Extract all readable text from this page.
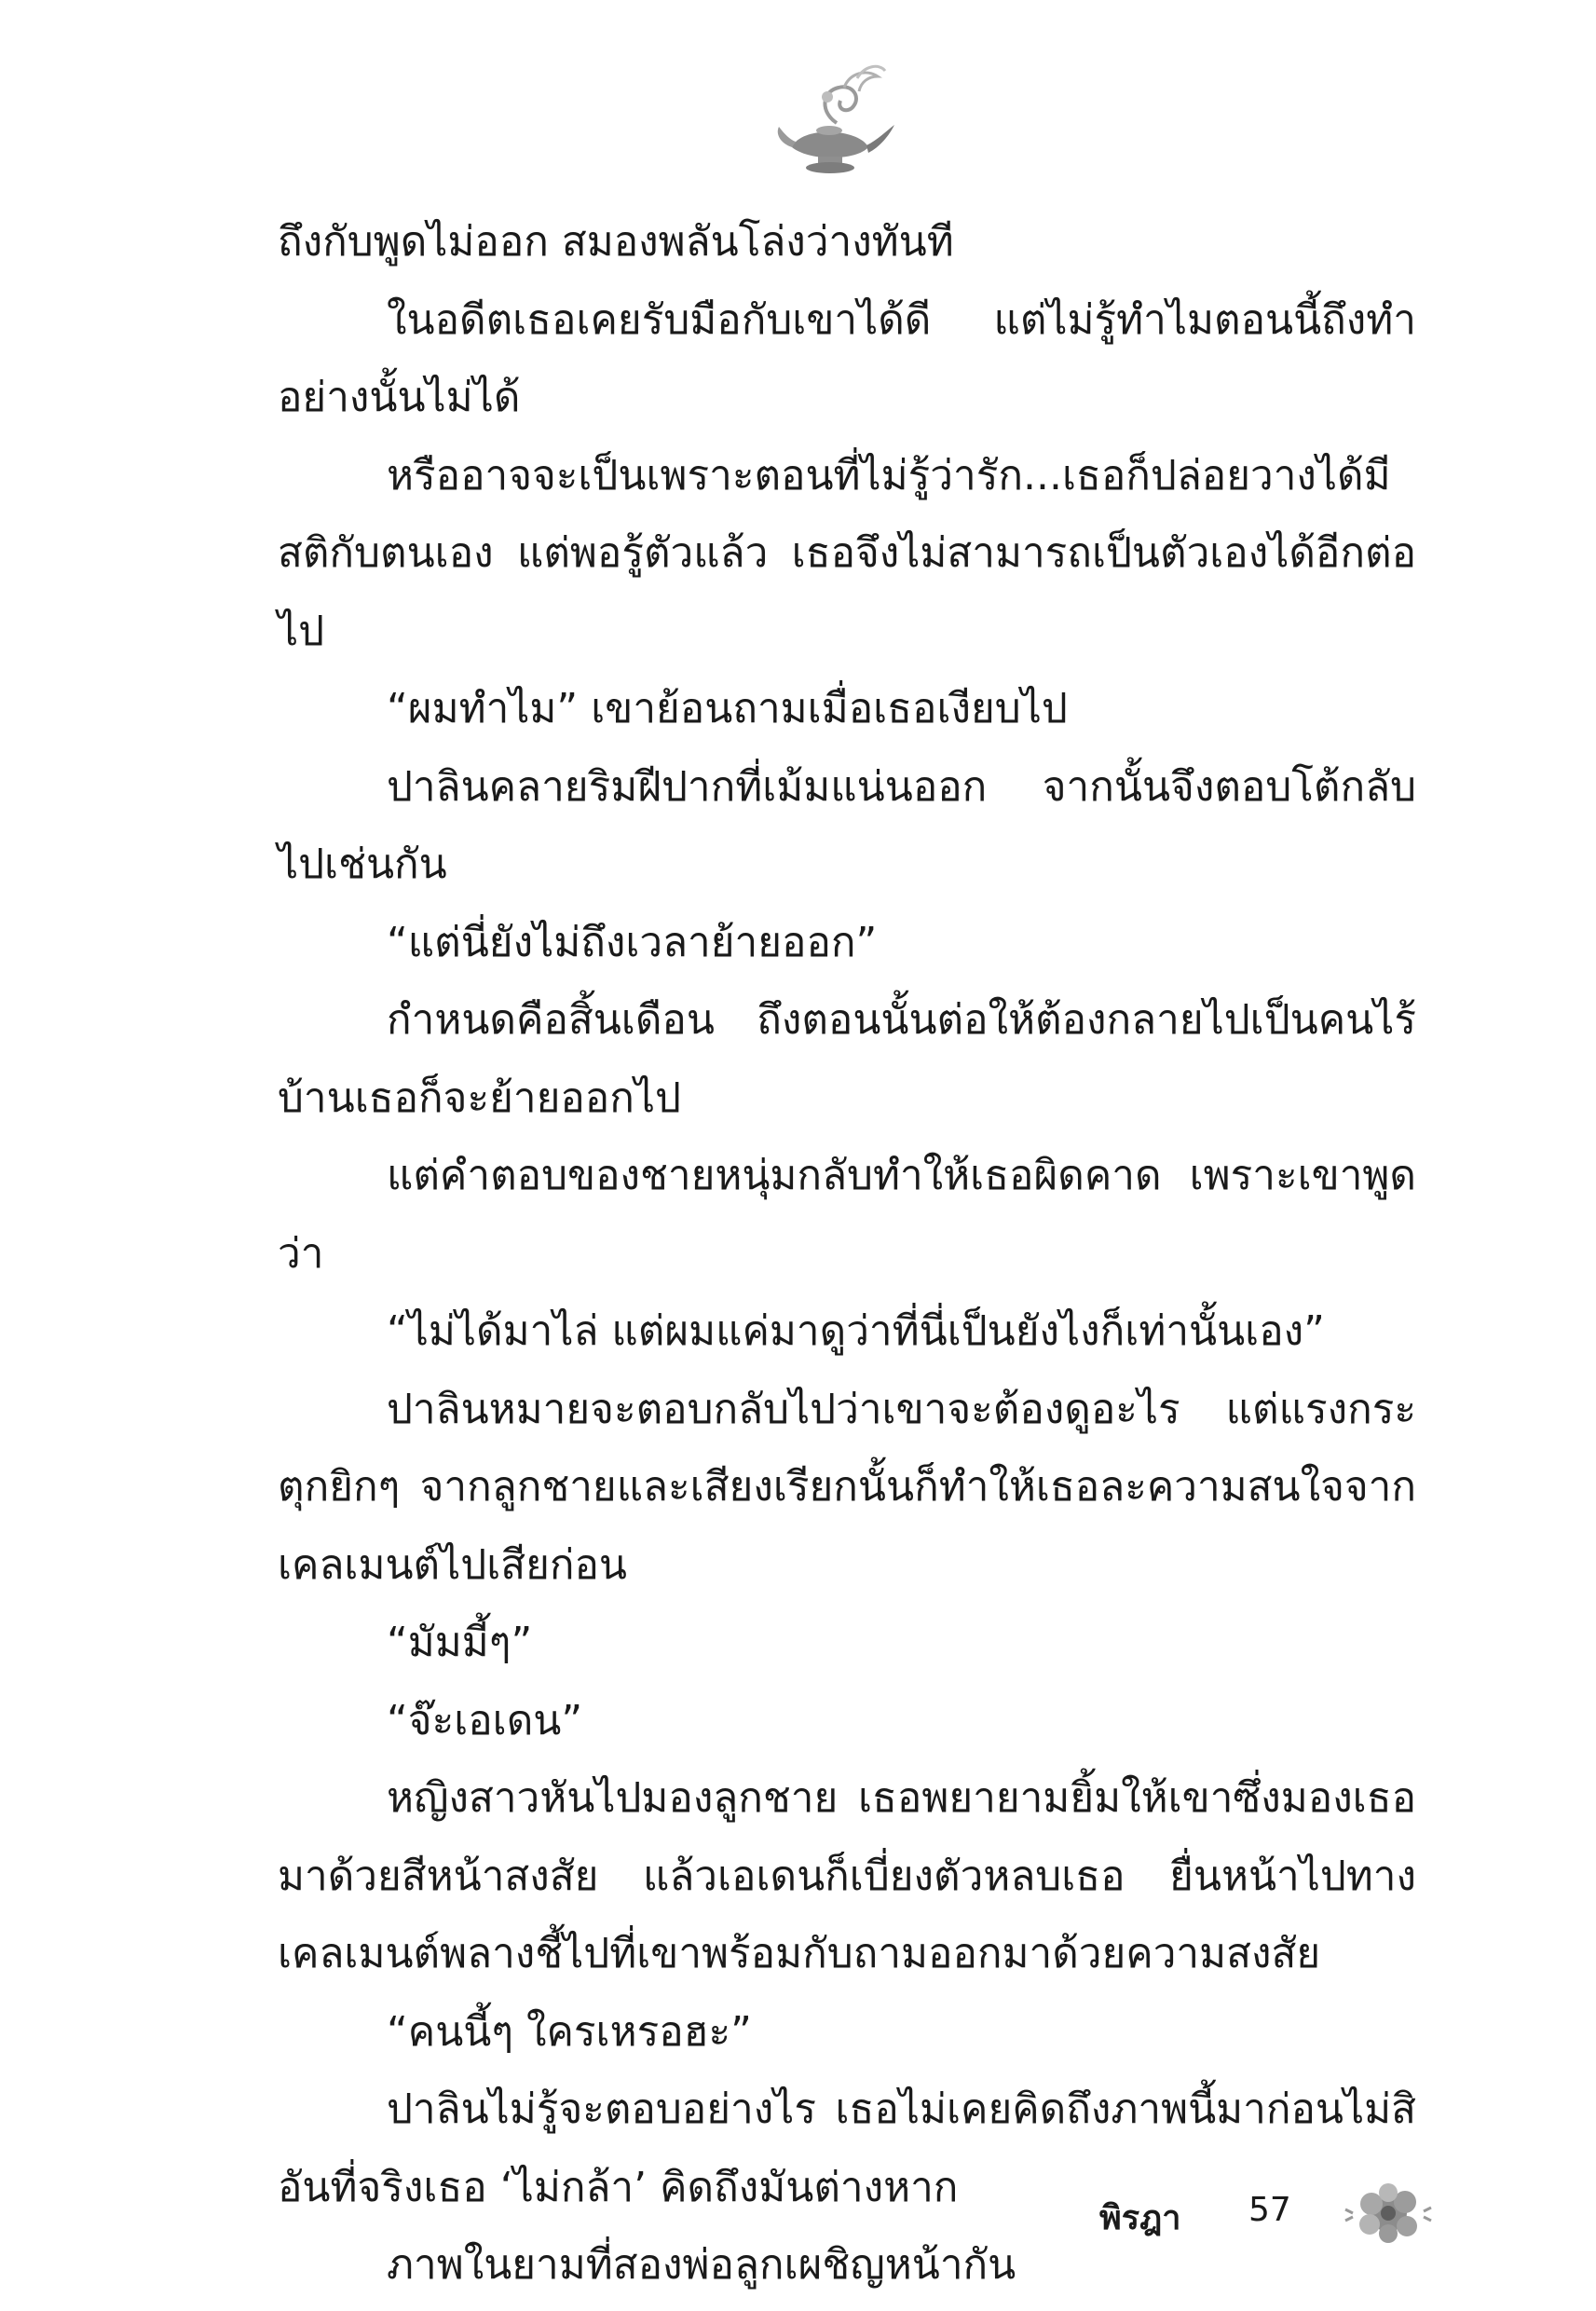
ถึงกับพูดไม่ออก สมองพลันโล่งว่างทันที

ในอดีตเธอเคยรับมือกับเขาได้ดี แต่ไม่รู้ทำไมตอนนี้ถึงทำอย่างนั้นไม่ได้

หรืออาจจะเป็นเพราะตอนที่ไม่รู้ว่ารัก...เธอก็ปล่อยวางได้มีสติกับตนเอง แต่พอรู้ตัวแล้ว เธอจึงไม่สามารถเป็นตัวเองได้อีกต่อไป

“ผมทำไม” เขาย้อนถามเมื่อเธอเงียบไป

ปาลินคลายริมฝีปากที่เม้มแน่นออก จากนั้นจึงตอบโต้กลับไปเช่นกัน

“แต่นี่ยังไม่ถึงเวลาย้ายออก”

กำหนดคือสิ้นเดือน ถึงตอนนั้นต่อให้ต้องกลายไปเป็นคนไร้บ้านเธอก็จะย้ายออกไป

แต่คำตอบของชายหนุ่มกลับทำให้เธอผิดคาด เพราะเขาพูดว่า

“ไม่ได้มาไล่ แต่ผมแค่มาดูว่าที่นี่เป็นยังไงก็เท่านั้นเอง”

ปาลินหมายจะตอบกลับไปว่าเขาจะต้องดูอะไร แต่แรงกระตุกยิกๆ จากลูกชายและเสียงเรียกนั้นก็ทำให้เธอละความสนใจจากเคลเมนต์ไปเสียก่อน

“มัมมี้ๆ”

“จ๊ะเอเดน”

หญิงสาวหันไปมองลูกชาย เธอพยายามยิ้มให้เขาซึ่งมองเธอมาด้วยสีหน้าสงสัย แล้วเอเดนก็เบี่ยงตัวหลบเธอ ยื่นหน้าไปทางเคลเมนต์พลางชี้ไปที่เขาพร้อมกับถามออกมาด้วยความสงสัย

“คนนี้ๆ ใครเหรอฮะ”

ปาลินไม่รู้จะตอบอย่างไร เธอไม่เคยคิดถึงภาพนี้มาก่อนไม่สิ อันที่จริงเธอ ‘ไม่กล้า’ คิดถึงมันต่างหาก

ภาพในยามที่สองพ่อลูกเผชิญหน้ากัน

พิรฎา 57
